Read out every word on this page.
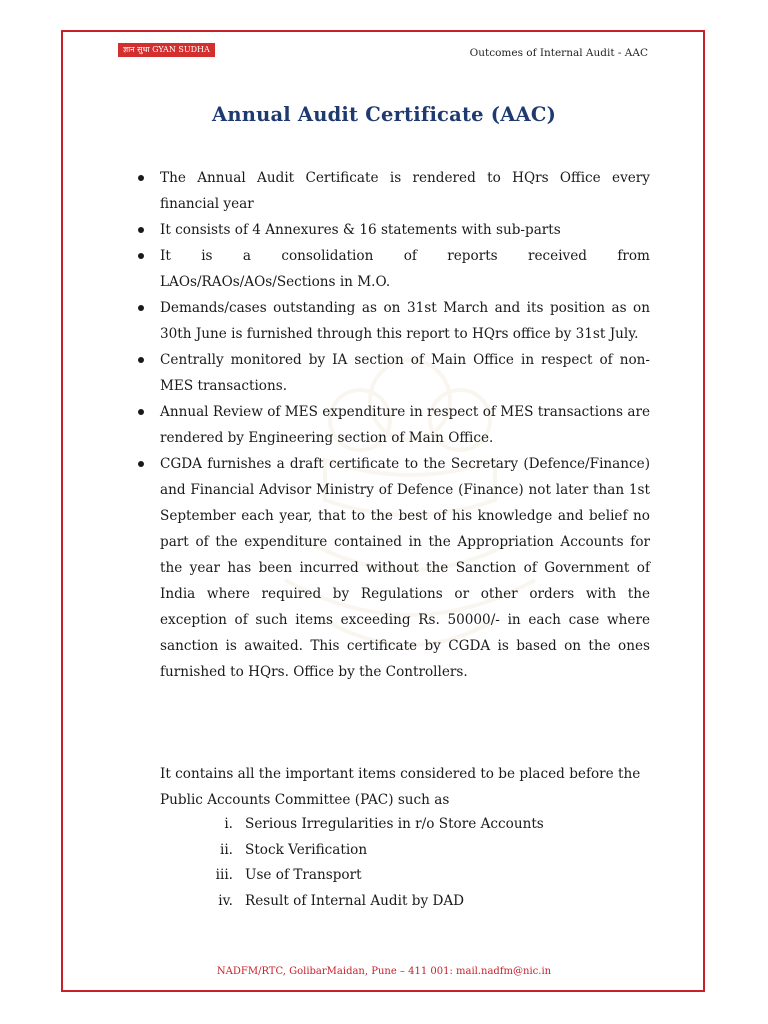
ज्ञान सुधा GYAN SUDHA	Outcomes of Internal Audit - AAC
Annual Audit Certificate (AAC)
The Annual Audit Certificate is rendered to HQrs Office every financial year
It consists of 4 Annexures & 16 statements with sub-parts
It is a consolidation of reports received from
LAOs/RAOs/AOs/Sections in M.O.
Demands/cases outstanding as on 31st March and its position as on 30th June is furnished through this report to HQrs office by 31st July.
Centrally monitored by IA section of Main Office in respect of non-MES transactions.
Annual Review of MES expenditure in respect of MES transactions are rendered by Engineering section of Main Office.
CGDA furnishes a draft certificate to the Secretary (Defence/Finance) and Financial Advisor Ministry of Defence (Finance) not later than 1st September each year, that to the best of his knowledge and belief no part of the expenditure contained in the Appropriation Accounts for the year has been incurred without the Sanction of Government of India where required by Regulations or other orders with the exception of such items exceeding Rs. 50000/- in each case where sanction is awaited. This certificate by CGDA is based on the ones furnished to HQrs. Office by the Controllers.
It contains all the important items considered to be placed before the Public Accounts Committee (PAC) such as
i. Serious Irregularities in r/o Store Accounts
ii. Stock Verification
iii. Use of Transport
iv. Result of Internal Audit by DAD
NADFM/RTC, GolibarMaidan, Pune – 411 001: mail.nadfm@nic.in
